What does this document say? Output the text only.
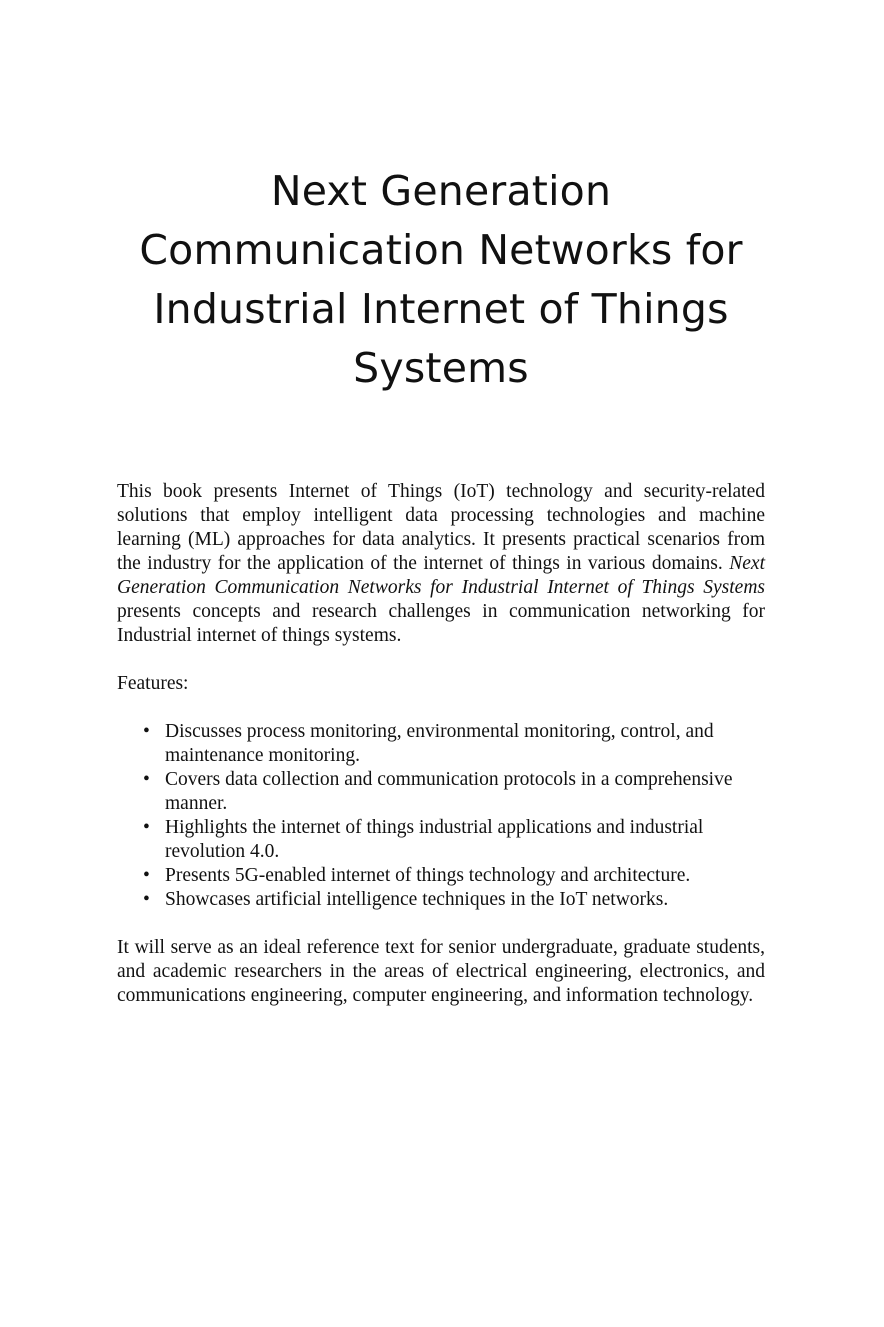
Next Generation
Communication Networks for
Industrial Internet of Things
Systems

This book presents Internet of Things (IoT) technology and security-related solutions that employ intelligent data processing technologies and machine learning (ML) approaches for data analytics. It presents practical scenarios from the industry for the application of the internet of things in various domains. Next Generation Communication Networks for Industrial Internet of Things Systems presents concepts and research challenges in communication networking for Industrial internet of things systems.

Features:

• Discusses process monitoring, environmental monitoring, control, and maintenance monitoring.
• Covers data collection and communication protocols in a comprehensive manner.
• Highlights the internet of things industrial applications and industrial revolution 4.0.
• Presents 5G-enabled internet of things technology and architecture.
• Showcases artificial intelligence techniques in the IoT networks.

It will serve as an ideal reference text for senior undergraduate, graduate students, and academic researchers in the areas of electrical engineering, electronics, and communications engineering, computer engineering, and information technology.
